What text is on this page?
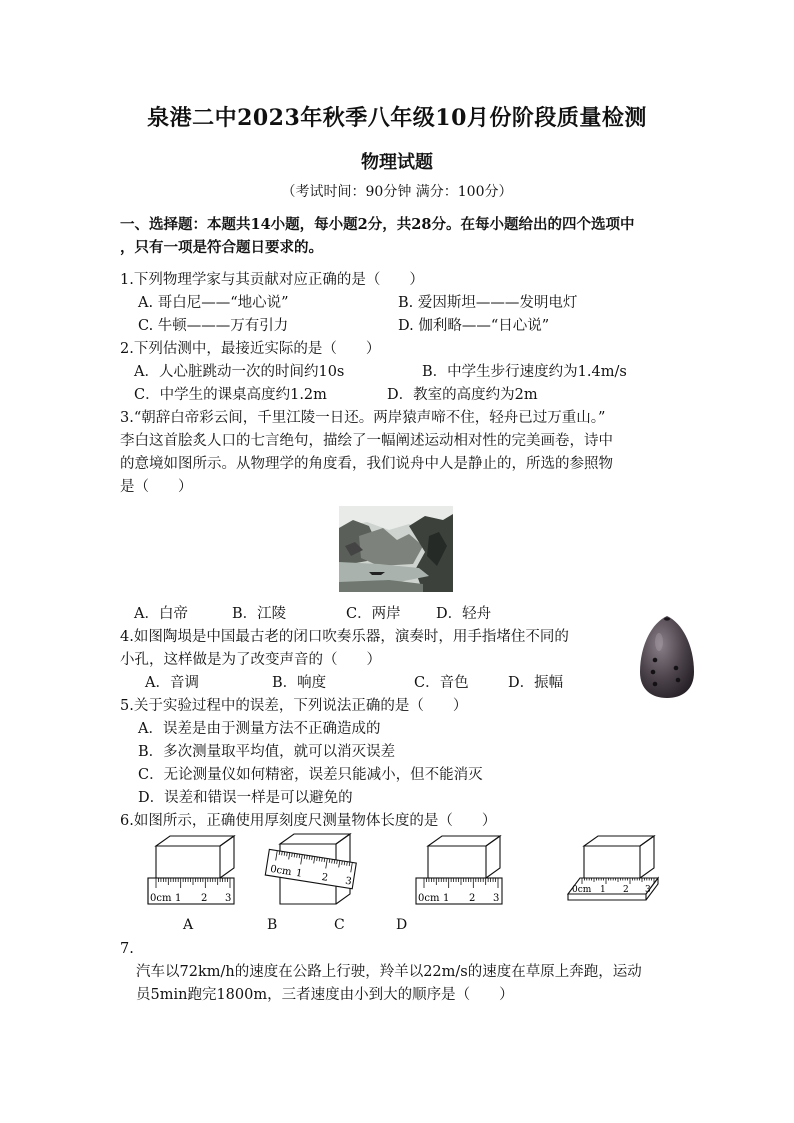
泉港二中2023年秋季八年级10月份阶段质量检测
物理试题
（考试时间：90分钟 满分：100分）
一、选择题：本题共14小题，每小题2分，共28分。在每小题给出的四个选项中
，只有一项是符合题日要求的。
1.下列物理学家与其贡献对应正确的是（　　）
A. 哥白尼——“地心说”	B. 爱因斯坦———发明电灯
C. 牛顿———万有引力	D. 伽利略——“日心说”
2.下列估测中，最接近实际的是（　　）
A．人心脏跳动一次的时间约10s	B．中学生步行速度约为1.4m/s
C．中学生的课桌高度约1.2m	D．教室的高度约为2m
3.“朝辞白帝彩云间，千里江陵一日还。两岸猿声啼不住，轻舟已过万重山。”
李白这首脍炙人口的七言绝句，描绘了一幅阐述运动相对性的完美画卷，诗中
的意境如图所示。从物理学的角度看，我们说舟中人是静止的，所选的参照物
是（　　）
A．白帝	B．江陵	C．两岸 D．轻舟
4.如图陶埙是中国最古老的闭口吹奏乐器，演奏时，用手指堵住不同的
小孔，这样做是为了改变声音的（　　）
A．音调	B．响度	C．音色	D．振幅
5.关于实验过程中的误差，下列说法正确的是（　　）
A．误差是由于测量方法不正确造成的
B．多次测量取平均值，就可以消灭误差
C．无论测量仪如何精密，误差只能减小，但不能消灭
D．误差和错误一样是可以避免的
6.如图所示，正确使用厚刻度尺测量物体长度的是（　　）
0cm 1 2 3
0cm 1 2 3
0cm 1 2 3
0cm 1 2 3
A	B	C	D
7.
汽车以72km/h的速度在公路上行驶，羚羊以22m/s的速度在草原上奔跑，运动
员5min跑完1800m，三者速度由小到大的顺序是（　　）
